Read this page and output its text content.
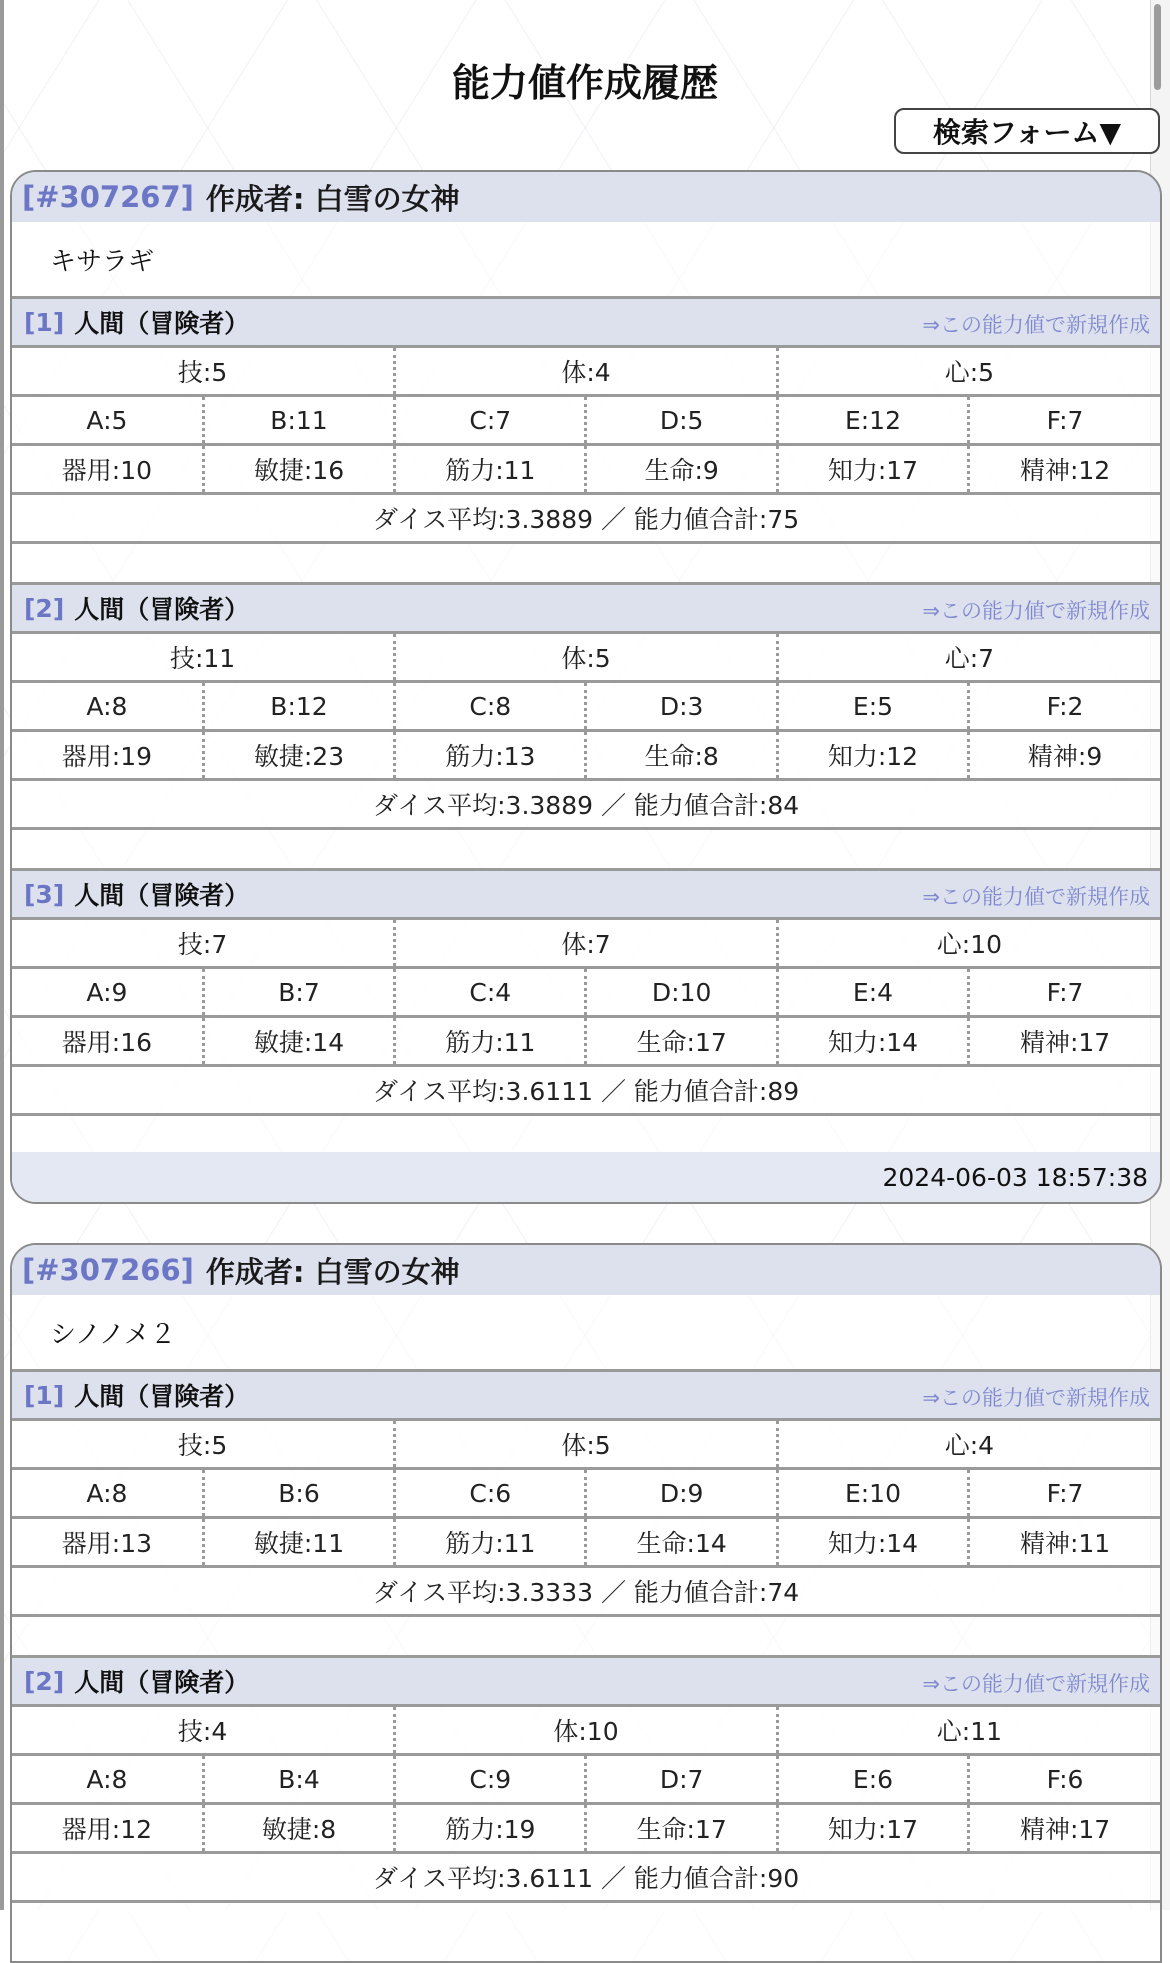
能力値作成履歴
検索フォーム▼
[#307267] 作成者: 白雪の女神
キサラギ
[1] 人間（冒険者）	⇒この能力値で新規作成
技:5		体:4		心:5	
A:5	B:11	C:7	D:5	E:12	F:7
器用:10	敏捷:16	筋力:11	生命:9	知力:17	精神:12
ダイス平均:3.3889 ／ 能力値合計:75					
[2] 人間（冒険者）	⇒この能力値で新規作成
技:11		体:5		心:7	
A:8	B:12	C:8	D:3	E:5	F:2
器用:19	敏捷:23	筋力:13	生命:8	知力:12	精神:9
ダイス平均:3.3889 ／ 能力値合計:84					
[3] 人間（冒険者）	⇒この能力値で新規作成
技:7		体:7		心:10	
A:9	B:7	C:4	D:10	E:4	F:7
器用:16	敏捷:14	筋力:11	生命:17	知力:14	精神:17
ダイス平均:3.6111 ／ 能力値合計:89					
2024-06-03 18:57:38
[#307266] 作成者: 白雪の女神
シノノメ２
[1] 人間（冒険者）	⇒この能力値で新規作成
技:5		体:5		心:4	
A:8	B:6	C:6	D:9	E:10	F:7
器用:13	敏捷:11	筋力:11	生命:14	知力:14	精神:11
ダイス平均:3.3333 ／ 能力値合計:74					
[2] 人間（冒険者）	⇒この能力値で新規作成
技:4		体:10		心:11	
A:8	B:4	C:9	D:7	E:6	F:6
器用:12	敏捷:8	筋力:19	生命:17	知力:17	精神:17
ダイス平均:3.6111 ／ 能力値合計:90					
